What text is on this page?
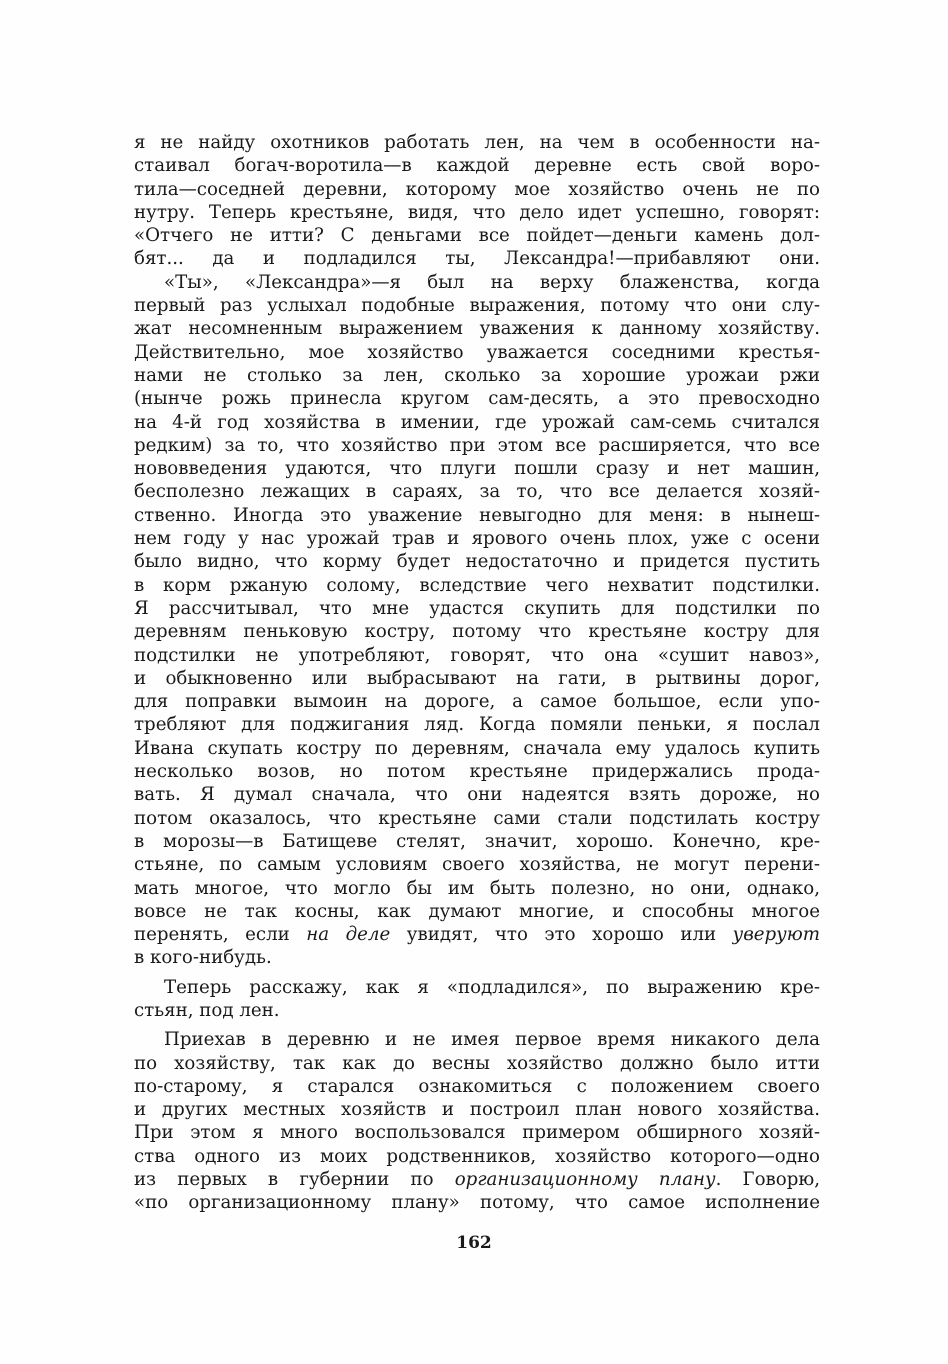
я не найду охотников работать лен, на чем в особенности на-
стаивал богач-воротила—в каждой деревне есть свой воро-
тила—соседней деревни, которому мое хозяйство очень не по
нутру. Теперь крестьяне, видя, что дело идет успешно, говорят:
«Отчего не итти? С деньгами все пойдет—деньги камень дол-
бят... да и подладился ты, Лександра!—прибавляют они.
«Ты», «Лександра»—я был на верху блаженства, когда
первый раз услыхал подобные выражения, потому что они слу-
жат несомненным выражением уважения к данному хозяйству.
Действительно, мое хозяйство уважается соседними крестья-
нами не столько за лен, сколько за хорошие урожаи ржи
(нынче рожь принесла кругом сам-десять, а это превосходно
на 4-й год хозяйства в имении, где урожай сам-семь считался
редким) за то, что хозяйство при этом все расширяется, что все
нововведения удаются, что плуги пошли сразу и нет машин,
бесполезно лежащих в сараях, за то, что все делается хозяй-
ственно. Иногда это уважение невыгодно для меня: в нынеш-
нем году у нас урожай трав и ярового очень плох, уже с осени
было видно, что корму будет недостаточно и придется пустить
в корм ржаную солому, вследствие чего нехватит подстилки.
Я рассчитывал, что мне удастся скупить для подстилки по
деревням пеньковую костру, потому что крестьяне костру для
подстилки не употребляют, говорят, что она «сушит навоз»,
и обыкновенно или выбрасывают на гати, в рытвины дорог,
для поправки вымоин на дороге, а самое большое, если упо-
требляют для поджигания ляд. Когда помяли пеньки, я послал
Ивана скупать костру по деревням, сначала ему удалось купить
несколько возов, но потом крестьяне придержались прода-
вать. Я думал сначала, что они надеятся взять дороже, но
потом оказалось, что крестьяне сами стали подстилать костру
в морозы—в Батищеве стелят, значит, хорошо. Конечно, кре-
стьяне, по самым условиям своего хозяйства, не могут перени-
мать многое, что могло бы им быть полезно, но они, однако,
вовсе не так косны, как думают многие, и способны многое
перенять, если на деле увидят, что это хорошо или уверуют
в кого-нибудь.
Теперь расскажу, как я «подладился», по выражению кре-
стьян, под лен.
Приехав в деревню и не имея первое время никакого дела
по хозяйству, так как до весны хозяйство должно было итти
по-старому, я старался ознакомиться с положением своего
и других местных хозяйств и построил план нового хозяйства.
При этом я много воспользовался примером обширного хозяй-
ства одного из моих родственников, хозяйство которого—одно
из первых в губернии по организационному плану. Говорю,
«по организационному плану» потому, что самое исполнение
162
